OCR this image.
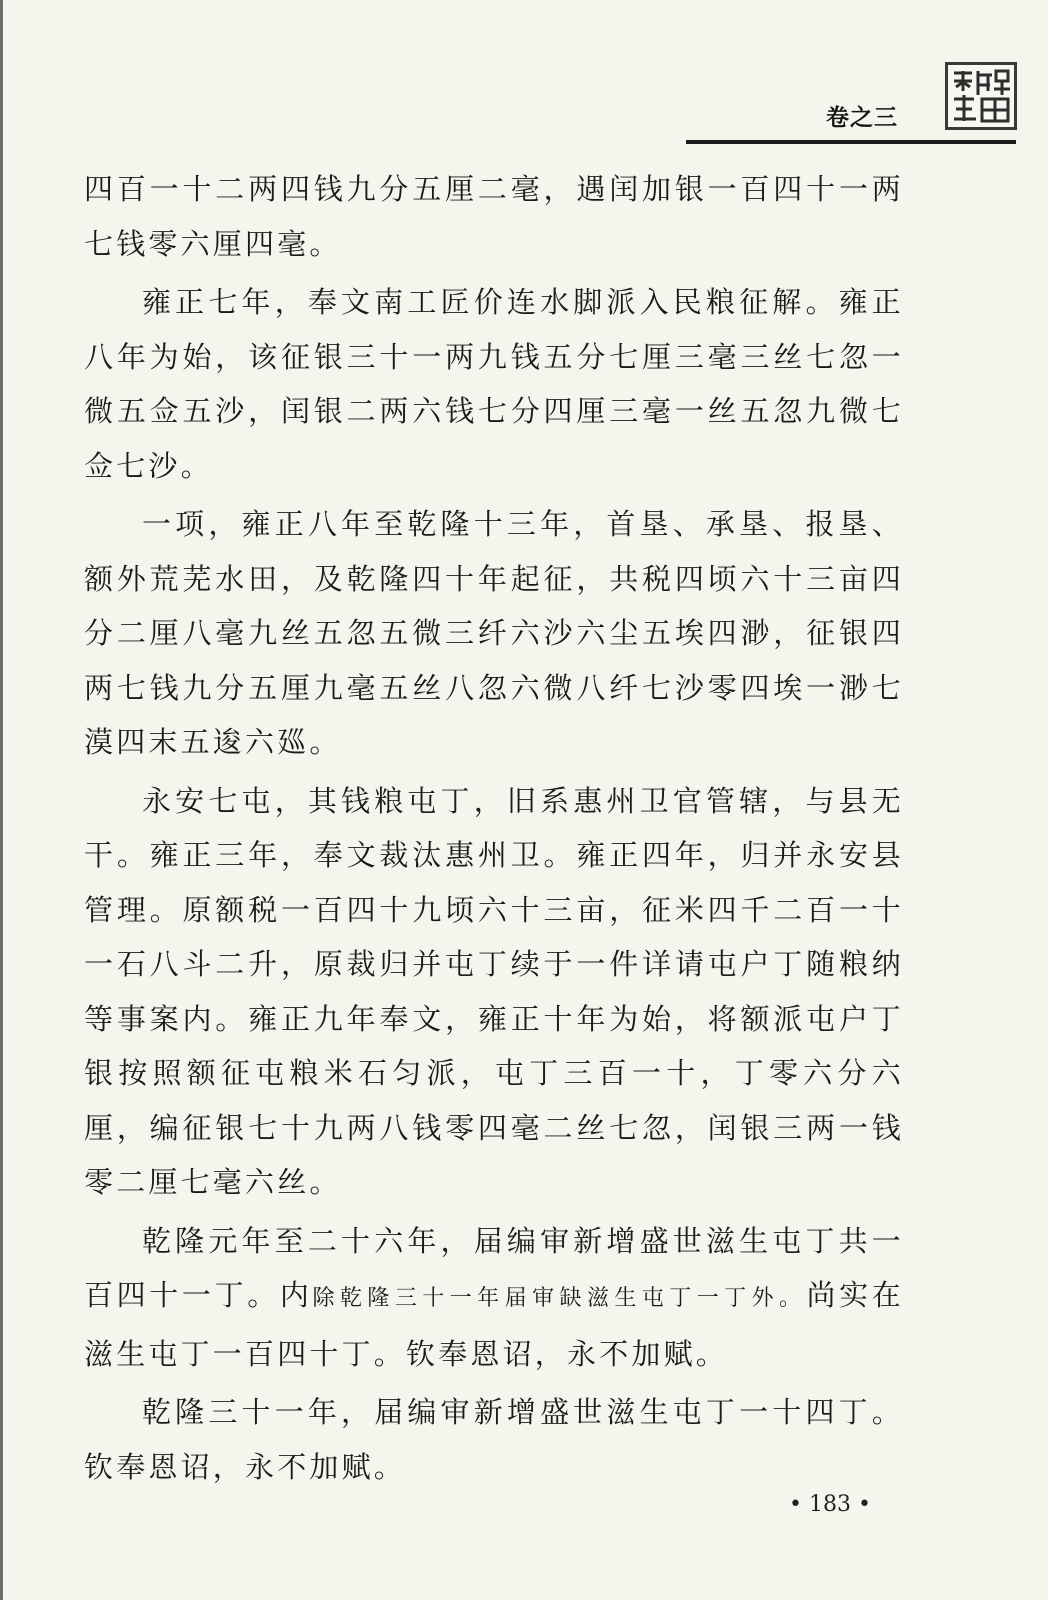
卷之三

四百一十二两四钱九分五厘二毫，遇闰加银一百四十一两七钱零六厘四毫。

雍正七年，奉文南工匠价连水脚派入民粮征解。雍正八年为始，该征银三十一两九钱五分七厘三毫三丝七忽一微五佥五沙，闰银二两六钱七分四厘三毫一丝五忽九微七佥七沙。

一项，雍正八年至乾隆十三年，首垦、承垦、报垦、额外荒芜水田，及乾隆四十年起征，共税四顷六十三亩四分二厘八毫九丝五忽五微三纤六沙六尘五埃四渺，征银四两七钱九分五厘九毫五丝八忽六微八纤七沙零四埃一渺七漠四末五逡六廵。

永安七屯，其钱粮屯丁，旧系惠州卫官管辖，与县无干。雍正三年，奉文裁汰惠州卫。雍正四年，归并永安县管理。原额税一百四十九顷六十三亩，征米四千二百一十一石八斗二升，原裁归并屯丁续于一件详请屯户丁随粮纳等事案内。雍正九年奉文，雍正十年为始，将额派屯户丁银按照额征屯粮米石匀派，屯丁三百一十，丁零六分六厘，编征银七十九两八钱零四毫二丝七忽，闰银三两一钱零二厘七毫六丝。

乾隆元年至二十六年，届编审新增盛世滋生屯丁共一百四十一丁。内除乾隆三十一年届审缺滋生屯丁一丁外。尚实在滋生屯丁一百四十丁。钦奉恩诏，永不加赋。

乾隆三十一年，届编审新增盛世滋生屯丁一十四丁。钦奉恩诏，永不加赋。

• 183 •
